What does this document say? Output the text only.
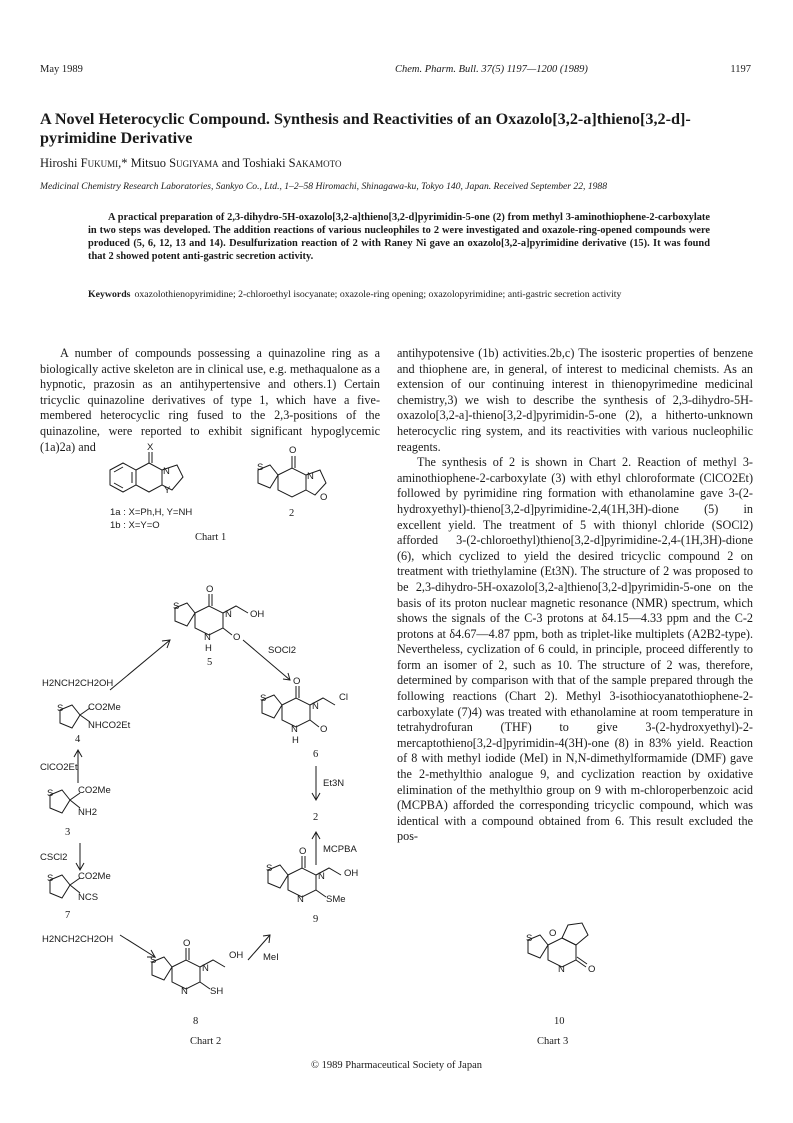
May 1989	Chem. Pharm. Bull. 37(5) 1197—1200 (1989)	1197
A Novel Heterocyclic Compound. Synthesis and Reactivities of an Oxazolo[3,2-a]thieno[3,2-d]-pyrimidine Derivative
Hiroshi Fukumi,* Mitsuo Sugiyama and Toshiaki Sakamoto
Medicinal Chemistry Research Laboratories, Sankyo Co., Ltd., 1–2–58 Hiromachi, Shinagawa-ku, Tokyo 140, Japan. Received September 22, 1988
A practical preparation of 2,3-dihydro-5H-oxazolo[3,2-a]thieno[3,2-d]pyrimidin-5-one (2) from methyl 3-aminothiophene-2-carboxylate in two steps was developed. The addition reactions of various nucleophiles to 2 were investigated and oxazole-ring-opened compounds were produced (5, 6, 12, 13 and 14). Desulfurization reaction of 2 with Raney Ni gave an oxazolo[3,2-a]pyrimidine derivative (15). It was found that 2 showed potent anti-gastric secretion activity.
Keywords oxazolothienopyrimidine; 2-chloroethyl isocyanate; oxazole-ring opening; oxazolopyrimidine; anti-gastric secretion activity

A number of compounds possessing a quinazoline ring as a biologically active skeleton are in clinical use, e.g. methaqualone as a hypnotic, prazosin as an antihypertensive and others.1) Certain tricyclic quinazoline derivatives of type 1, which have a five-membered heterocyclic ring fused to the 2,3-positions of the quinazoline, were reported to exhibit significant hypoglycemic (1a)2a) and

antihypotensive (1b) activities.2b,c) The isosteric properties of benzene and thiophene are, in general, of interest to medicinal chemists. As an extension of our continuing interest in thienopyrimedine medicinal chemistry,3) we wish to describe the synthesis of 2,3-dihydro-5H-oxazolo[3,2-a]-thieno[3,2-d]pyrimidin-5-one (2), a hitherto-unknown heterocyclic ring system, and its reactivities with various nucleophilic reagents.

The synthesis of 2 is shown in Chart 2. Reaction of methyl 3-aminothiophene-2-carboxylate (3) with ethyl chloroformate (ClCO2Et) followed by pyrimidine ring formation with ethanolamine gave 3-(2-hydroxyethyl)-thieno[3,2-d]pyrimidine-2,4(1H,3H)-dione (5) in excellent yield. The treatment of 5 with thionyl chloride (SOCl2) afforded 3-(2-chloroethyl)thieno[3,2-d]pyrimidine-2,4-(1H,3H)-dione (6), which cyclized to yield the desired tricyclic compound 2 on treatment with triethylamine (Et3N). The structure of 2 was proposed to be 2,3-dihydro-5H-oxazolo[3,2-a]thieno[3,2-d]pyrimidin-5-one on the basis of its proton nuclear magnetic resonance (NMR) spectrum, which shows the signals of the C-3 protons at δ4.15—4.33 ppm and the C-2 protons at δ4.67—4.87 ppm, both as triplet-like multiplets (A2B2-type). Nevertheless, cyclization of 6 could, in principle, proceed differently to form an isomer of 2, such as 10. The structure of 2 was, therefore, determined by comparison with that of the sample prepared through the following reactions (Chart 2). Methyl 3-isothiocyanatothiophene-2-carboxylate (7)4) was treated with ethanolamine at room temperature in tetrahydrofuran (THF) to give 3-(2-hydroxyethyl)-2-mercaptothieno[3,2-d]pyrimidin-4(3H)-one (8) in 83% yield. Reaction of 8 with methyl iodide (MeI) in N,N-dimethylformamide (DMF) gave the 2-methylthio analogue 9, and cyclization reaction by oxidative elimination of the methylthio group on 9 with m-chloroperbenzoic acid (MCPBA) afforded the corresponding tricyclic compound, which was identical with a compound obtained from 6. This result excluded the pos-

X
N
Y
1a : X=Ph,H, Y=NH
1b : X=Y=O
O
S
N
O
2
Chart 1
O
S
N OH
N O
H
5
H2NCH2CH2OH
SOCl2
S	CO2Me
NHCO2Et
4
ClCO2Et
O
S
N
Cl
N O
H
6
Et3N
2
MCPBA
S	CO2Me
NH2
3
CSCl2
O
S
N OH
N SMe
9
S	CO2Me
NCS
7
H2NCH2CH2OH
MeI
O
S
N
OH
N SH
8
Chart 2
S O
N O
10
Chart 3
© 1989 Pharmaceutical Society of Japan
